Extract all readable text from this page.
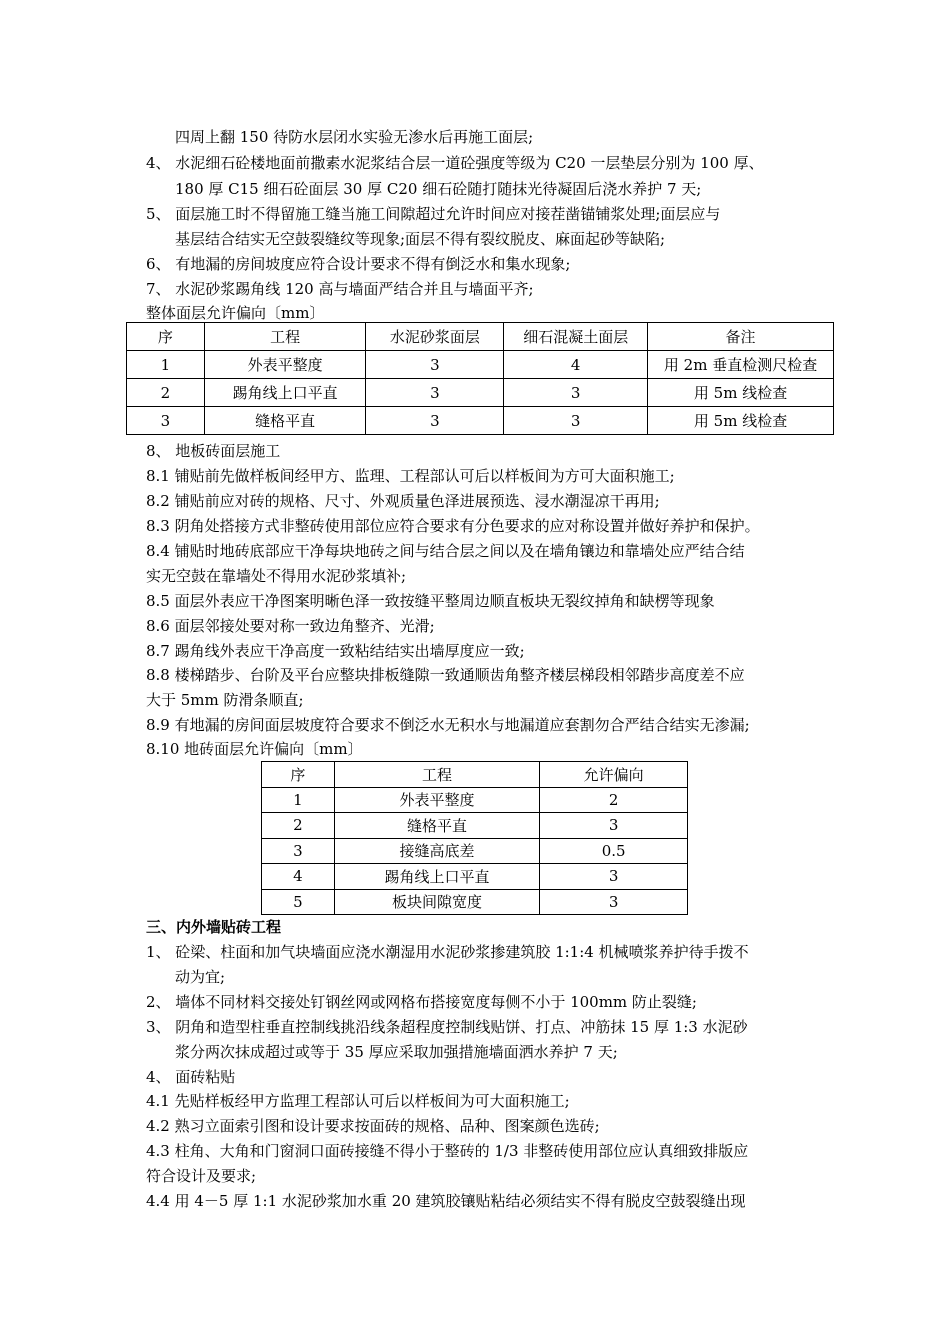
四周上翻 150 待防水层闭水实验无渗水后再施工面层;
4、 水泥细石砼楼地面前撒素水泥浆结合层一道砼强度等级为 C20 一层垫层分别为 100 厚、
180 厚 C15 细石砼面层 30 厚 C20 细石砼随打随抹光待凝固后浇水养护 7 天;
5、 面层施工时不得留施工缝当施工间隙超过允许时间应对接茬凿锚铺浆处理;面层应与
基层结合结实无空鼓裂缝纹等现象;面层不得有裂纹脱皮、麻面起砂等缺陷;
6、 有地漏的房间坡度应符合设计要求不得有倒泛水和集水现象;
7、 水泥砂浆踢角线 120 高与墙面严结合并且与墙面平齐;
整体面层允许偏向〔mm〕
序	工程	水泥砂浆面层	细石混凝土面层	备注
1	外表平整度	3	4	用 2m 垂直检测尺检查
2	踢角线上口平直	3	3	用 5m 线检查
3	缝格平直	3	3	用 5m 线检查
8、 地板砖面层施工
8.1 铺贴前先做样板间经甲方、监理、工程部认可后以样板间为方可大面积施工;
8.2 铺贴前应对砖的规格、尺寸、外观质量色泽进展预选、浸水潮湿凉干再用;
8.3 阴角处搭接方式非整砖使用部位应符合要求有分色要求的应对称设置并做好养护和保护。
8.4 铺贴时地砖底部应干净每块地砖之间与结合层之间以及在墙角镶边和靠墙处应严结合结
实无空鼓在靠墙处不得用水泥砂浆填补;
8.5 面层外表应干净图案明晰色泽一致按缝平整周边顺直板块无裂纹掉角和缺楞等现象
8.6 面层邻接处要对称一致边角整齐、光滑;
8.7 踢角线外表应干净高度一致粘结结实出墙厚度应一致;
8.8 楼梯踏步、台阶及平台应整块排板缝隙一致通顺齿角整齐楼层梯段相邻踏步高度差不应
大于 5mm 防滑条顺直;
8.9 有地漏的房间面层坡度符合要求不倒泛水无积水与地漏道应套割勿合严结合结实无渗漏;
8.10 地砖面层允许偏向〔mm〕
序	工程	允许偏向
1	外表平整度	2
2	缝格平直	3
3	接缝高底差	0.5
4	踢角线上口平直	3
5	板块间隙宽度	3
三、内外墙贴砖工程
1、 砼梁、柱面和加气块墙面应浇水潮湿用水泥砂浆掺建筑胶 1:1:4 机械喷浆养护待手拨不
动为宜;
2、 墙体不同材料交接处钉钢丝网或网格布搭接宽度每侧不小于 100mm 防止裂缝;
3、 阴角和造型柱垂直控制线挑沿线条超程度控制线贴饼、打点、冲筋抹 15 厚 1:3 水泥砂
浆分两次抹成超过或等于 35 厚应采取加强措施墙面洒水养护 7 天;
4、 面砖粘贴
4.1 先贴样板经甲方监理工程部认可后以样板间为可大面积施工;
4.2 熟习立面索引图和设计要求按面砖的规格、品种、图案颜色选砖;
4.3 柱角、大角和门窗洞口面砖接缝不得小于整砖的 1/3 非整砖使用部位应认真细致排版应
符合设计及要求;
4.4 用 4－5 厚 1:1 水泥砂浆加水重 20 建筑胶镶贴粘结必须结实不得有脱皮空鼓裂缝出现
